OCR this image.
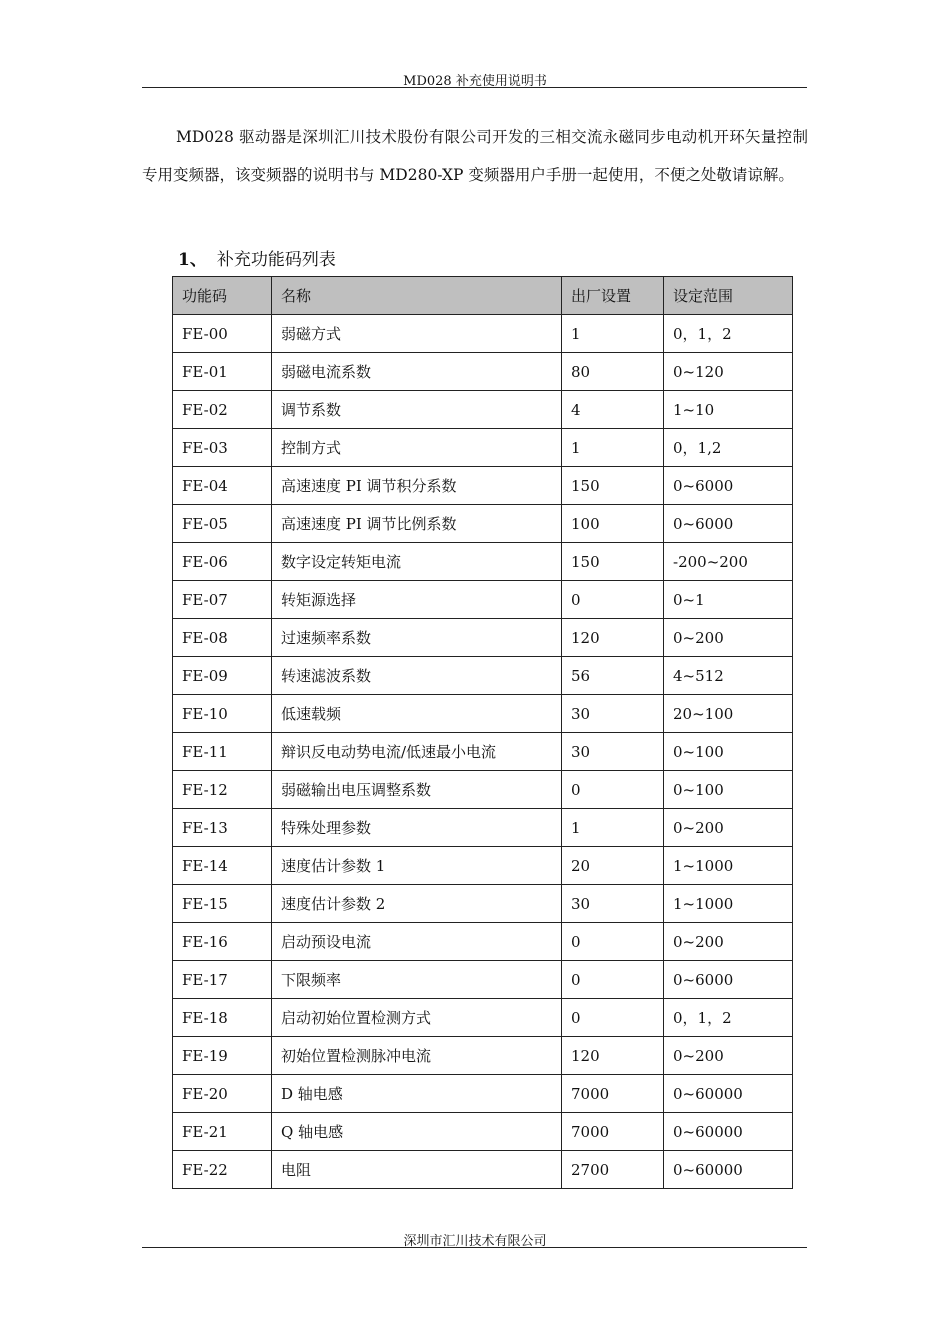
MD028 补充使用说明书

MD028 驱动器是深圳汇川技术股份有限公司开发的三相交流永磁同步电动机开环矢量控制专用变频器，该变频器的说明书与 MD280-XP 变频器用户手册一起使用，不便之处敬请谅解。

1、 补充功能码列表
功能码	名称	出厂设置	设定范围
FE-00	弱磁方式	1	0，1，2
FE-01	弱磁电流系数	80	0~120
FE-02	调节系数	4	1~10
FE-03	控制方式	1	0，1,2
FE-04	高速速度 PI 调节积分系数	150	0~6000
FE-05	高速速度 PI 调节比例系数	100	0~6000
FE-06	数字设定转矩电流	150	-200~200
FE-07	转矩源选择	0	0~1
FE-08	过速频率系数	120	0~200
FE-09	转速滤波系数	56	4~512
FE-10	低速载频	30	20~100
FE-11	辩识反电动势电流/低速最小电流	30	0~100
FE-12	弱磁输出电压调整系数	0	0~100
FE-13	特殊处理参数	1	0~200
FE-14	速度估计参数 1	20	1~1000
FE-15	速度估计参数 2	30	1~1000
FE-16	启动预设电流	0	0~200
FE-17	下限频率	0	0~6000
FE-18	启动初始位置检测方式	0	0，1，2
FE-19	初始位置检测脉冲电流	120	0~200
FE-20	D 轴电感	7000	0~60000
FE-21	Q 轴电感	7000	0~60000
FE-22	电阻	2700	0~60000
深圳市汇川技术有限公司
